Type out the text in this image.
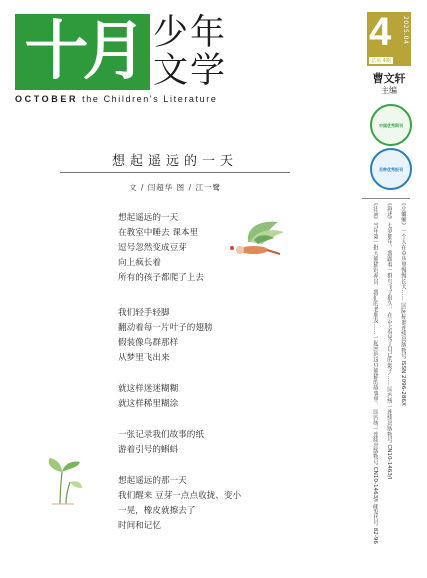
十月 少年
文学
OCTOBER the Children's Literature
4 2025.04
总第 4期
曹文轩
主编
中国优秀期刊
百种优秀报刊
《汪滴》当年第一批大熊猫饲养员，我们的老朋友……一起回到这只熊猫的故事里。 国内统一连续出版物号 CN10-1463/I 邮发代号 82-96	《叙述》七岁那年，我跟着一群鸟飞了很久，在云上看见了自己的影子…… 国内统一连续出版物号 CN10-1463/I	《小蛐蛐》一个人在草丛里慢慢长大…… 国际标准连续出版物号 ISSN 2096-286X
想起遥远的一天
文 / 闫超华 图 / 江一鹭
想起遥远的一天
在教室中睡去 课本里
逗号忽然变成豆芽
向上疯长着
所有的孩子都爬了上去
我们轻手轻脚
翻动着每一片叶子的翅膀
假装像鸟群那样
从梦里飞出来
就这样迷迷糊糊
就这样稀里糊涂
一张记录我们故事的纸
游着引号的蝌蚪
想起遥远的那一天
我们醒来 豆芽一点点收拢、变小
一晃，橡皮就擦去了
时间和记忆
